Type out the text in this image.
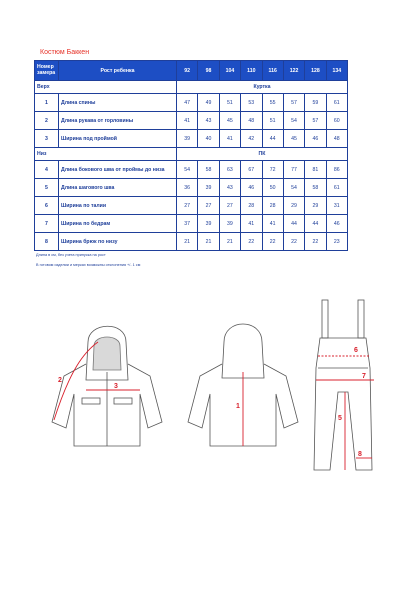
Костюм Баккен
Номер замера	Рост ребенка	92	98	104	110	116	122	128	134
Верх		Куртка							
1	Длина спины	47	49	51	53	55	57	59	61
2	Длина рукава от горловины	41	43	45	48	51	54	57	60
3	Ширина под проймой	39	40	41	42	44	45	46	48
Низ		ПК							
4	Длина бокового шва от проймы до низа	54	58	63	67	72	77	81	86
5	Длина шагового шва	36	39	43	46	50	54	58	61
6	Ширина по талии	27	27	27	28	28	29	29	31
7	Ширина по бедрам	37	39	39	41	41	44	44	46
8	Ширина брюк по низу	21	21	21	22	22	22	22	23
Длина в см, без учета припуска на рост
В готовом изделии и мерках возможны отклонения +/- 1 см
2
3
1
6
7
5
8
